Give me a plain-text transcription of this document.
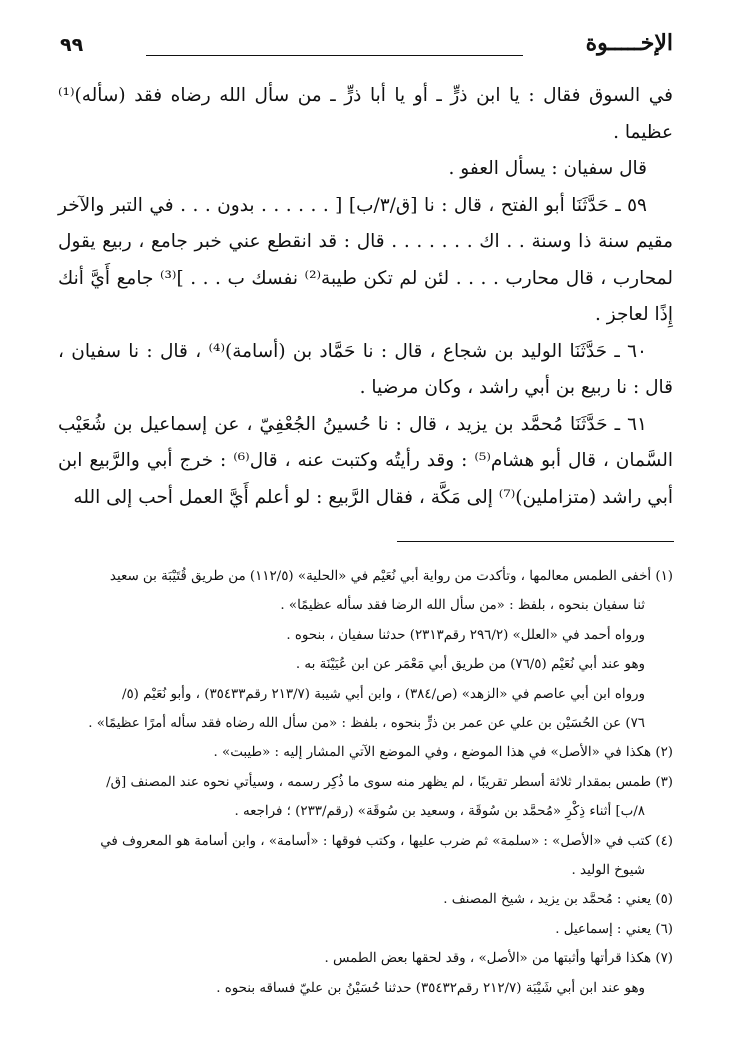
٩٩	الإخـــــوة

في السوق فقال : يا ابن ذرٍّ ـ أو يا أبا ذرٍّ ـ من سأل الله رضاه فقد (سأله)⁽¹⁾ عظيما .

قال سفيان : يسأل العفو .

٥٩ ـ حَدَّثَنَا أبو الفتح ، قال : نا [ق/٣/ب] [ . . . . . . بدون . . . في التبر والآخر مقيم سنة ذا وسنة . . اك . . . . . . . قال : قد انقطع عني خبر جامع ، ربيع يقول لمحارب ، قال محارب . . . . لئن لم تكن طيبة⁽²⁾ نفسك ب . . . ]⁽³⁾ جامع أَيَّ أنك إِذًا لعاجز .

٦٠ ـ حَدَّثَنَا الوليد بن شجاع ، قال : نا حَمَّاد بن (أسامة)⁽⁴⁾ ، قال : نا سفيان ، قال : نا ربيع بن أبي راشد ، وكان مرضيا .

٦١ ـ حَدَّثَنَا مُحمَّد بن يزيد ، قال : نا حُسينُ الجُعْفِيّ ، عن إسماعيل بن شُعَيْب السَّمان ، قال أبو هشام⁽⁵⁾ : وقد رأيتُه وكتبت عنه ، قال⁽⁶⁾ : خرج أبي والرَّبيع ابن أبي راشد (متزاملين)⁽⁷⁾ إلى مَكَّة ، فقال الرَّبيع : لو أعلم أَيَّ العمل أحب إلى الله

(١) أخفى الطمس معالمها ، وتأكدت من رواية أبي نُعَيْم في «الحلية» (١١٢/٥) من طريق قُتَيْبَة بن سعيد

ثنا سفيان بنحوه ، بلفظ : «من سأل الله الرضا فقد سأله عظيمًا» .

ورواه أحمد في «العلل» (٢٩٦/٢ رقم٢٣١٣) حدثنا سفيان ، بنحوه .

وهو عند أبي نُعَيْم (٧٦/٥) من طريق أبي مَعْمَر عن ابن عُيَيْنَة به .

ورواه ابن أبي عاصم في «الزهد» (ص/٣٨٤) ، وابن أبي شيبة (٢١٣/٧ رقم٣٥٤٣٣) ، وأبو نُعَيْم (٥/

٧٦) عن الحُسَيْن بن علي عن عمر بن ذرٍّ بنحوه ، بلفظ : «من سأل الله رضاه فقد سأله أمرًا عظيمًا» .

(٢) هكذا في «الأصل» في هذا الموضع ، وفي الموضع الآتي المشار إليه : «طيبت» .

(٣) طمس بمقدار ثلاثة أسطر تقريبًا ، لم يظهر منه سوى ما ذُكِر رسمه ، وسيأتي نحوه عند المصنف [ق/

٨/ب] أثناء ذِكْرِ «مُحمَّد بن سُوقَة ، وسعيد بن سُوقَة» (رقم/٢٣٣) ؛ فراجعه .

(٤) كتب في «الأصل» : «سلمة» ثم ضرب عليها ، وكتب فوقها : «أسامة» ، وابن أسامة هو المعروف في

شيوخ الوليد .

(٥) يعني : مُحمَّد بن يزيد ، شيخ المصنف .

(٦) يعني : إسماعيل .

(٧) هكذا قرأتها وأثبتها من «الأصل» ، وقد لحقها بعض الطمس .

وهو عند ابن أبي شَيْبَة (٢١٢/٧ رقم٣٥٤٣٢) حدثنا حُسَيْنُ بن عليّ فساقه بنحوه .
